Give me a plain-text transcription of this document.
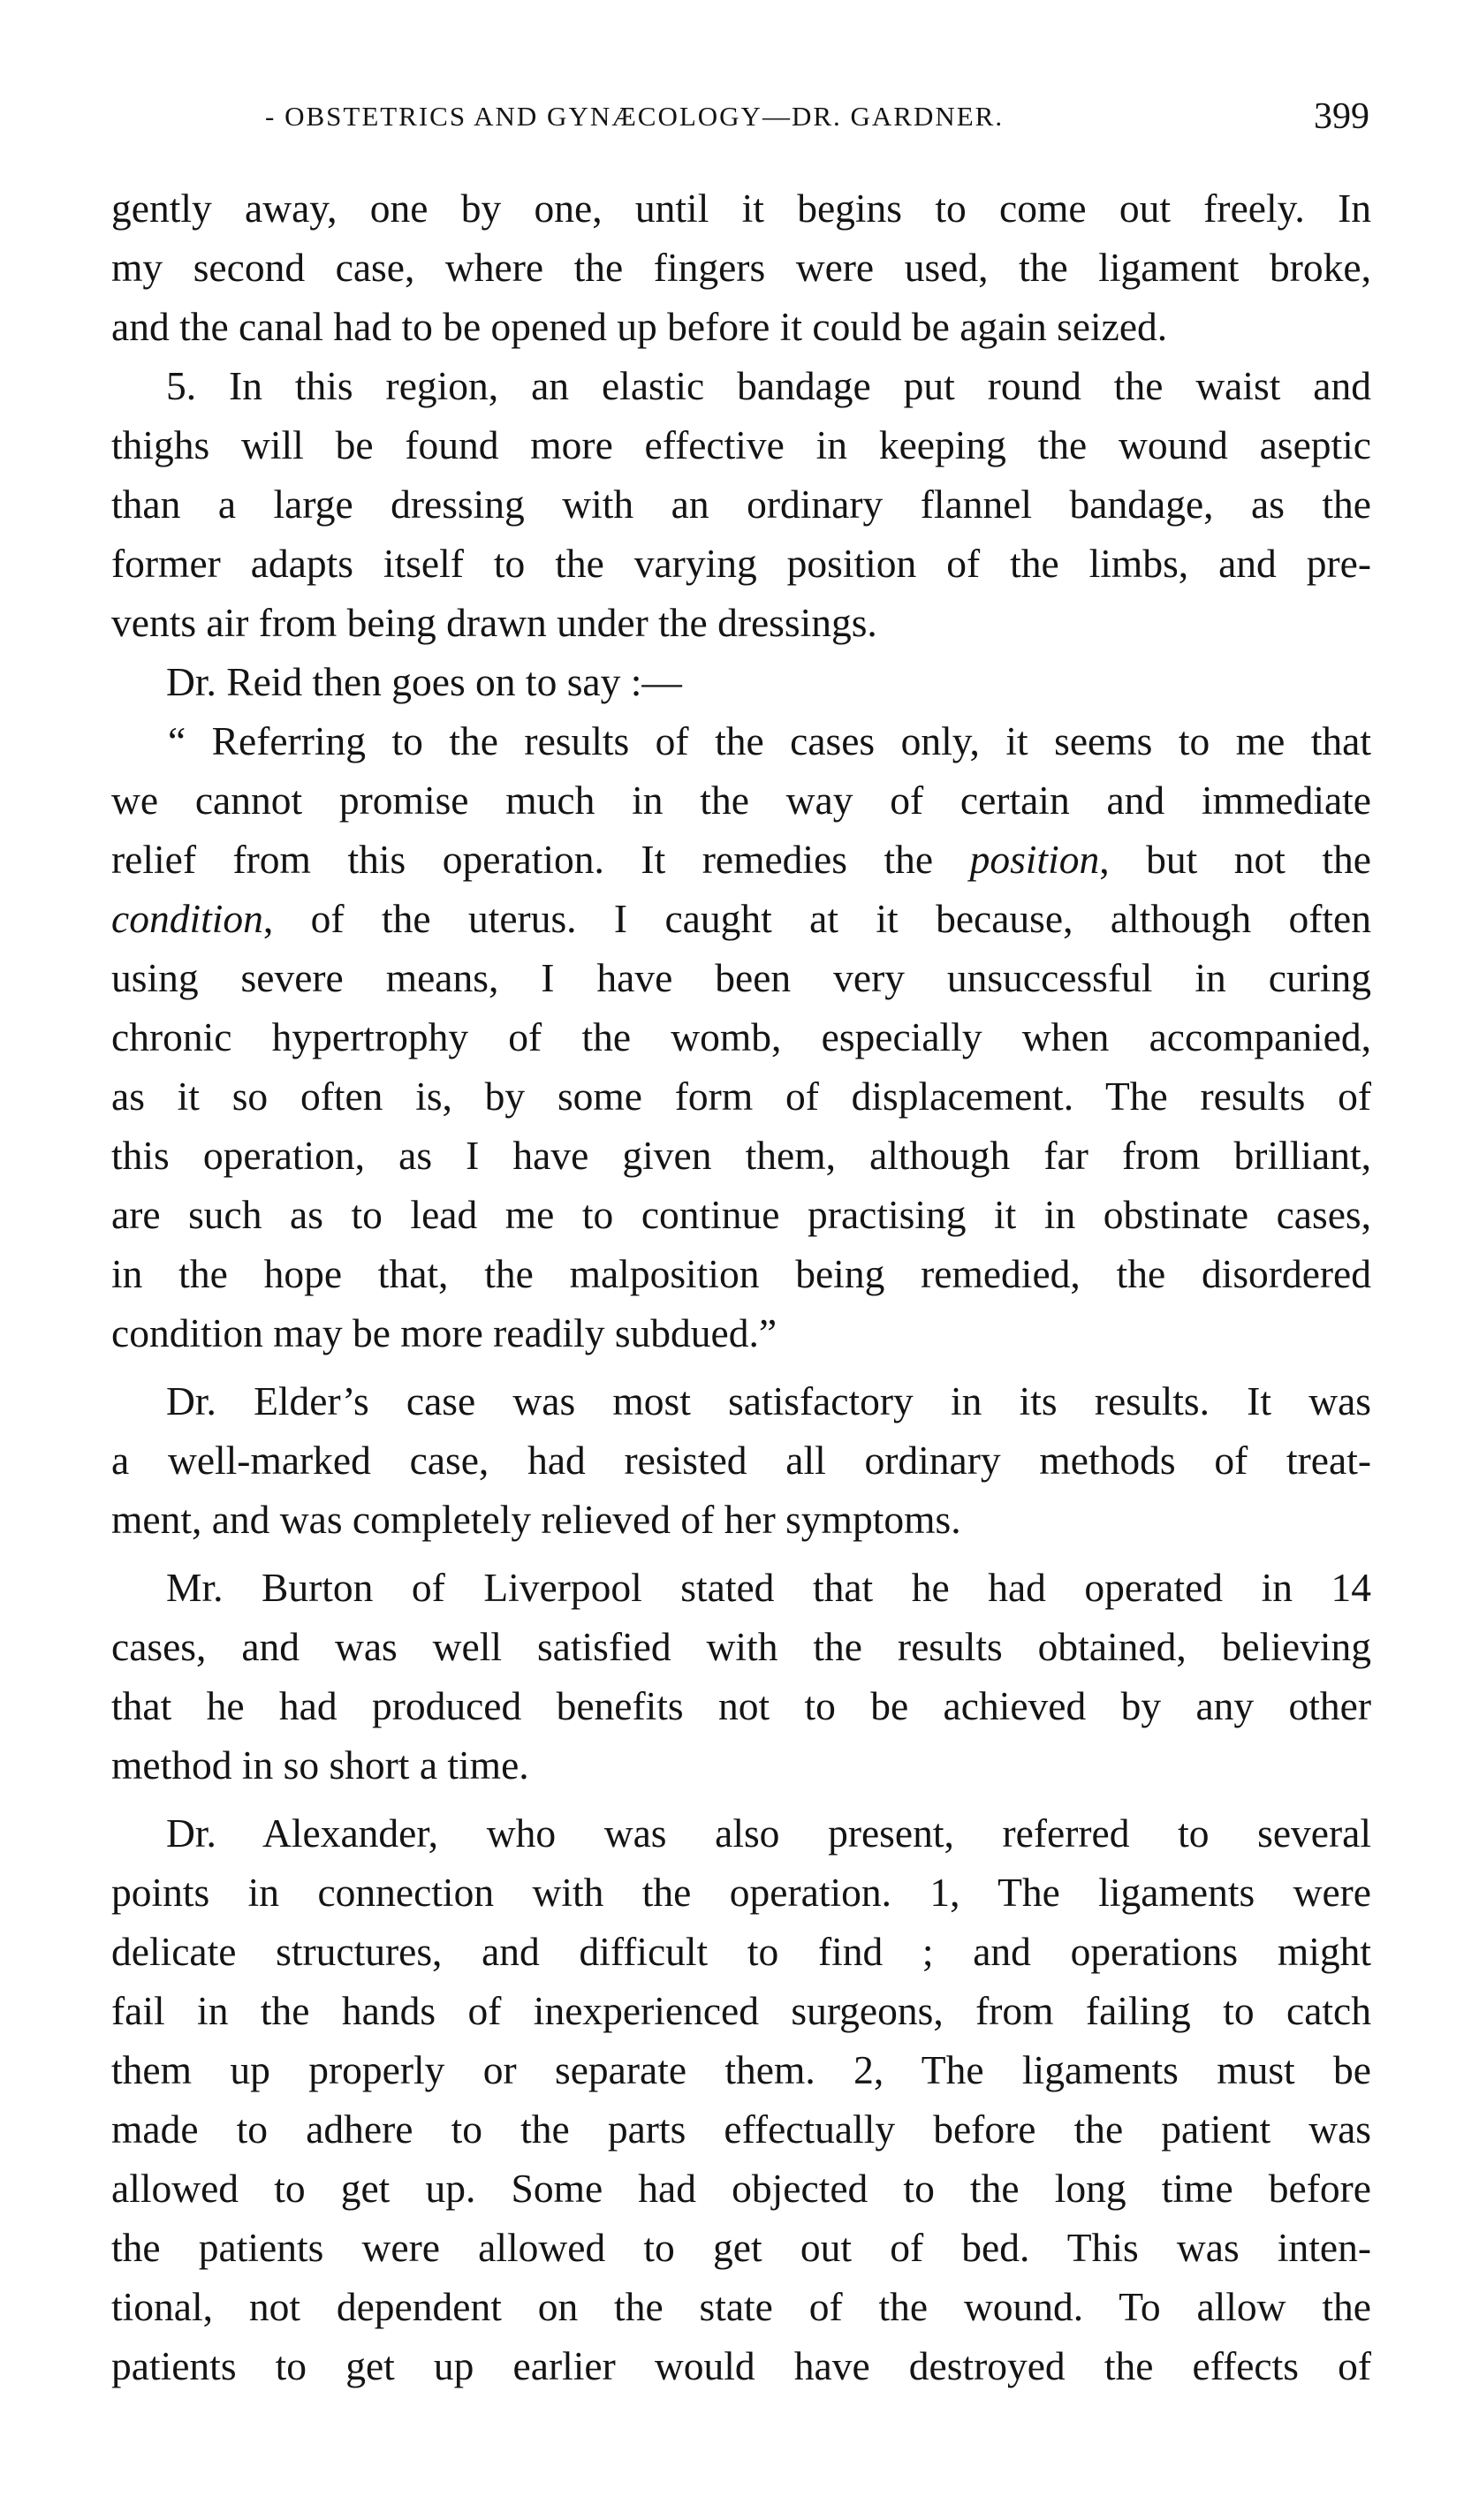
- OBSTETRICS AND GYNÆCOLOGY—DR. GARDNER.	399
gently away, one by one, until it begins to come out freely. In
my second case, where the fingers were used, the ligament broke,
and the canal had to be opened up before it could be again seized.
5. In this region, an elastic bandage put round the waist and
thighs will be found more effective in keeping the wound aseptic
than a large dressing with an ordinary flannel bandage, as the
former adapts itself to the varying position of the limbs, and pre-
vents air from being drawn under the dressings.
Dr. Reid then goes on to say :—
“ Referring to the results of the cases only, it seems to me that
we cannot promise much in the way of certain and immediate
relief from this operation. It remedies the position, but not the
condition, of the uterus. I caught at it because, although often
using severe means, I have been very unsuccessful in curing
chronic hypertrophy of the womb, especially when accompanied,
as it so often is, by some form of displacement. The results of
this operation, as I have given them, although far from brilliant,
are such as to lead me to continue practising it in obstinate cases,
in the hope that, the malposition being remedied, the disordered
condition may be more readily subdued.”
Dr. Elder’s case was most satisfactory in its results. It was
a well-marked case, had resisted all ordinary methods of treat-
ment, and was completely relieved of her symptoms.
Mr. Burton of Liverpool stated that he had operated in 14
cases, and was well satisfied with the results obtained, believing
that he had produced benefits not to be achieved by any other
method in so short a time.
Dr. Alexander, who was also present, referred to several
points in connection with the operation. 1, The ligaments were
delicate structures, and difficult to find ; and operations might
fail in the hands of inexperienced surgeons, from failing to catch
them up properly or separate them. 2, The ligaments must be
made to adhere to the parts effectually before the patient was
allowed to get up. Some had objected to the long time before
the patients were allowed to get out of bed. This was inten-
tional, not dependent on the state of the wound. To allow the
patients to get up earlier would have destroyed the effects of
